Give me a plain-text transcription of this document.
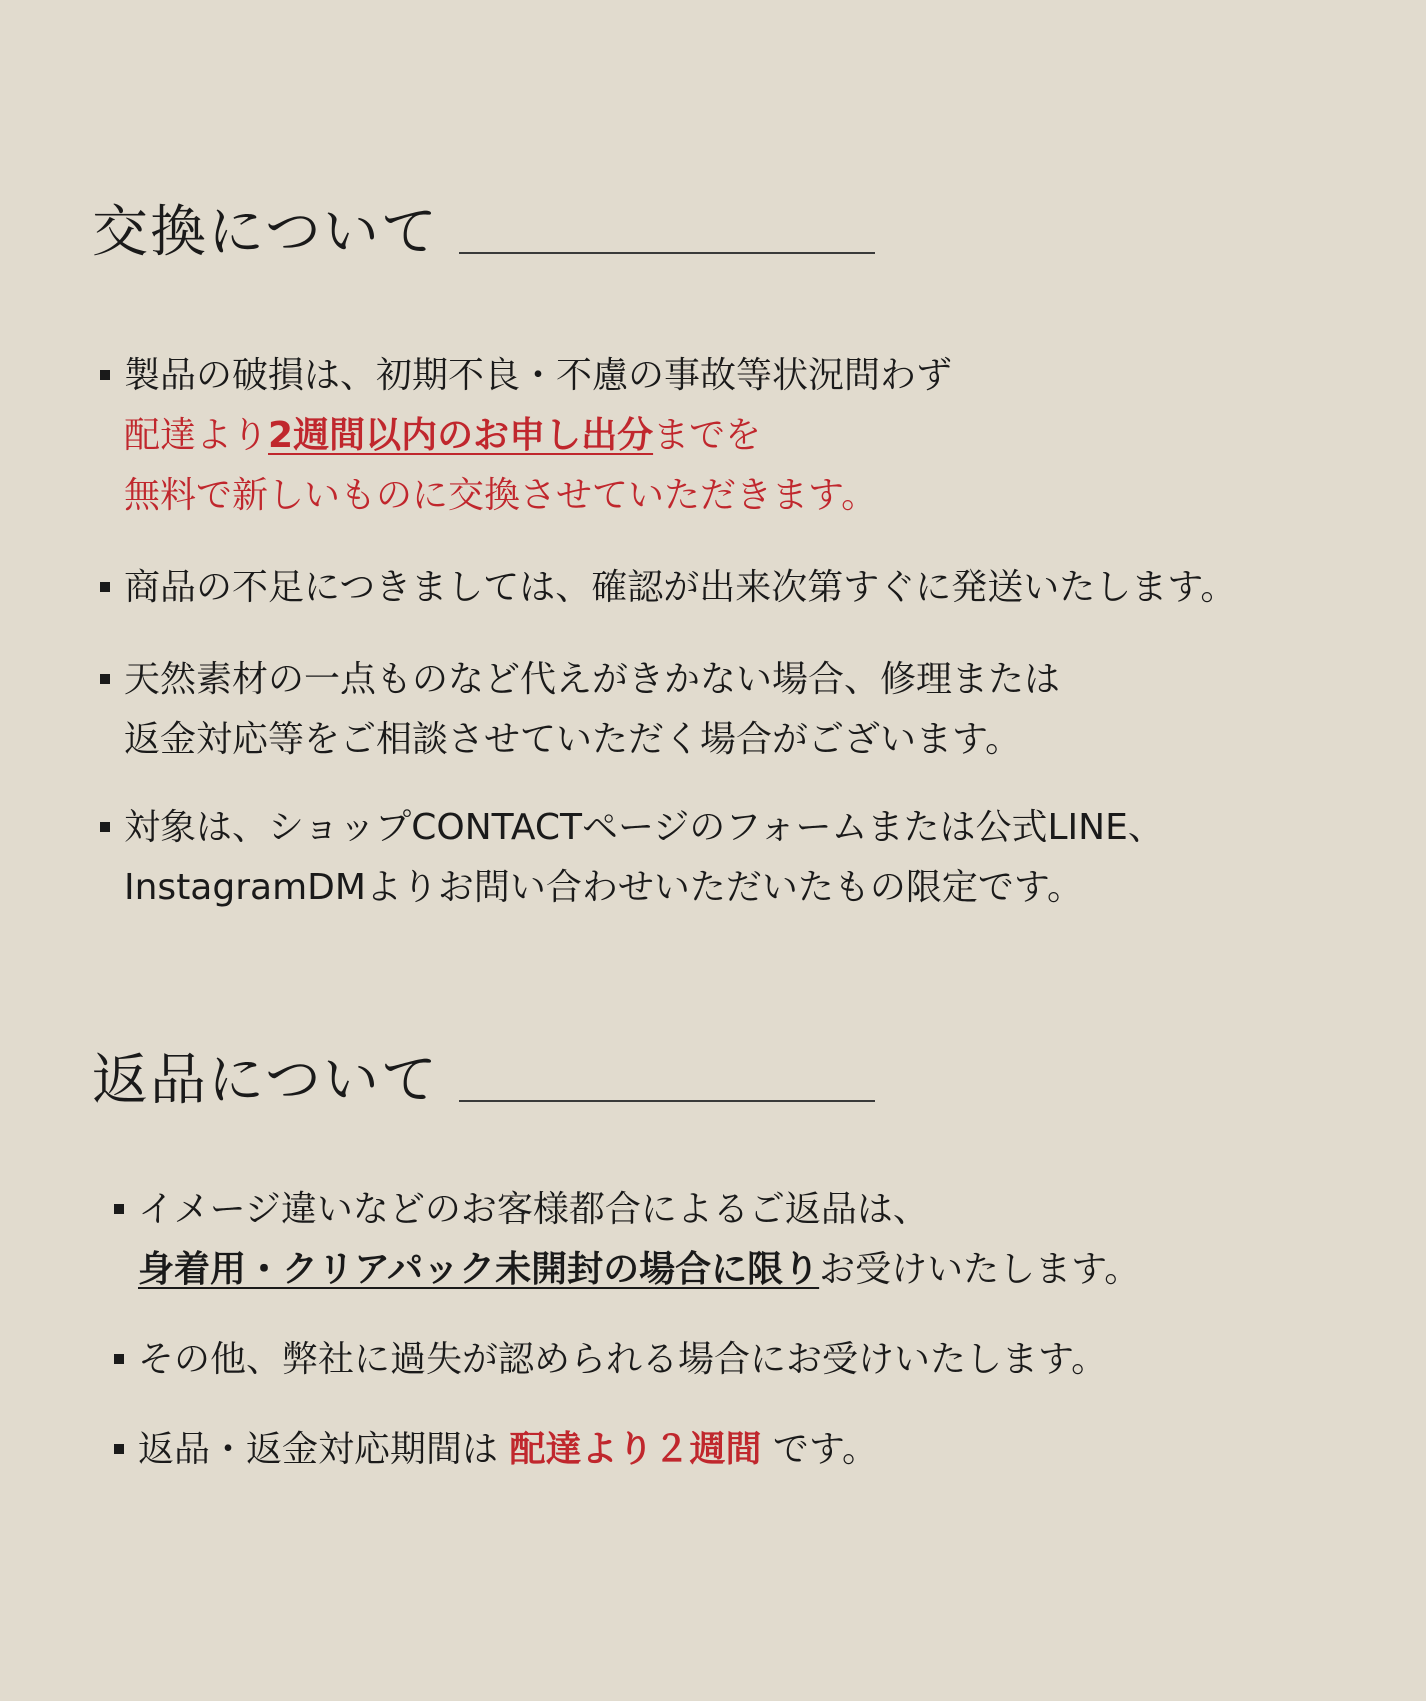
交換について
製品の破損は、初期不良・不慮の事故等状況問わず
配達より2週間以内のお申し出分までを
無料で新しいものに交換させていただきます。
商品の不足につきましては、確認が出来次第すぐに発送いたします。
天然素材の一点ものなど代えがきかない場合、修理または
返金対応等をご相談させていただく場合がございます。
対象は、ショップCONTACTページのフォームまたは公式LINE、
InstagramDMよりお問い合わせいただいたもの限定です。
返品について
イメージ違いなどのお客様都合によるご返品は、
身着用・クリアパック未開封の場合に限りお受けいたします。
その他、弊社に過失が認められる場合にお受けいたします。
返品・返金対応期間は 配達より２週間 です。
